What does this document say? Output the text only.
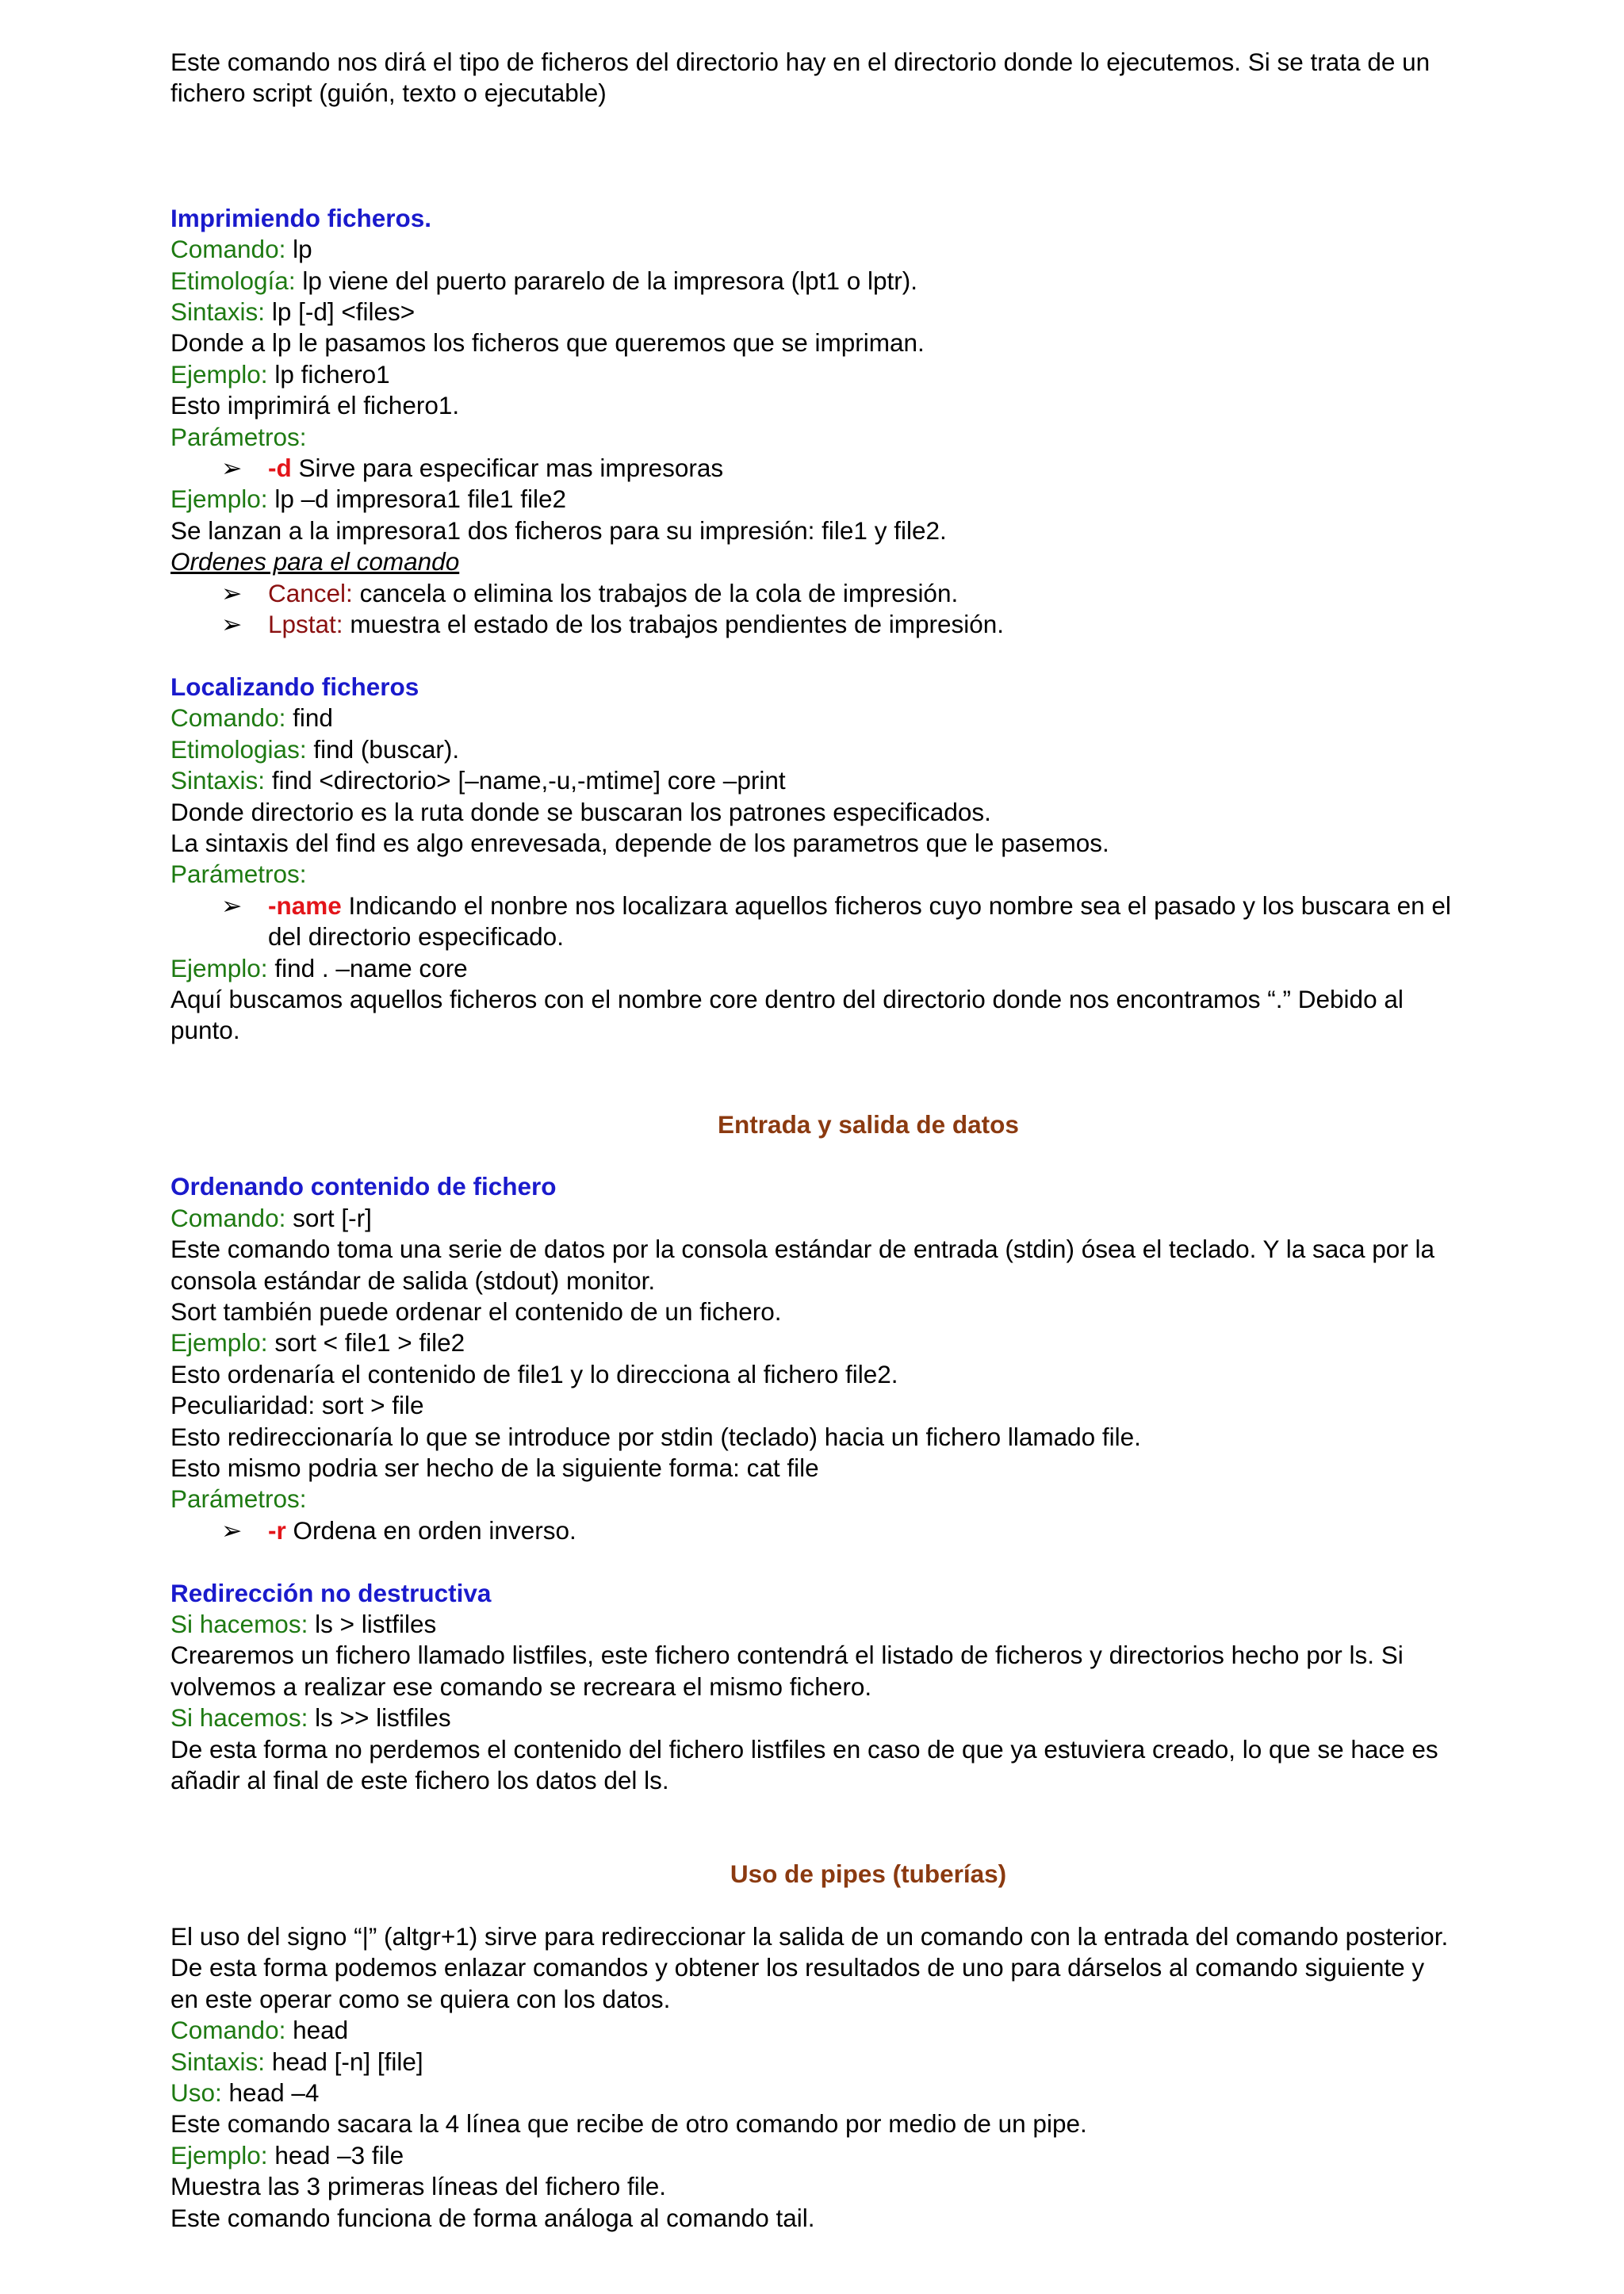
Este comando nos dirá el tipo de ficheros del directorio hay en el directorio donde lo ejecutemos. Si se trata de un
fichero script (guión, texto o ejecutable)
Imprimiendo ficheros.
Comando: lp
Etimología: lp viene del puerto pararelo de la impresora (lpt1 o lptr).
Sintaxis: lp [-d] <files>
Donde a lp le pasamos los ficheros que queremos que se impriman.
Ejemplo: lp fichero1
Esto imprimirá el fichero1.
Parámetros:
➢ -d Sirve para especificar mas impresoras
Ejemplo: lp –d impresora1 file1 file2
Se lanzan a la impresora1 dos ficheros para su impresión: file1 y file2.
Ordenes para el comando
➢ Cancel: cancela o elimina los trabajos de la cola de impresión.
➢ Lpstat: muestra el estado de los trabajos pendientes de impresión.
Localizando ficheros
Comando: find
Etimologias: find (buscar).
Sintaxis: find <directorio> [–name,-u,-mtime] core –print
Donde directorio es la ruta donde se buscaran los patrones especificados.
La sintaxis del find es algo enrevesada, depende de los parametros que le pasemos.
Parámetros:
➢ -name Indicando el nonbre nos localizara aquellos ficheros cuyo nombre sea el pasado y los buscara en el
del directorio especificado.
Ejemplo: find . –name core
Aquí buscamos aquellos ficheros con el nombre core dentro del directorio donde nos encontramos “.” Debido al
punto.
Entrada y salida de datos
Ordenando contenido de fichero
Comando: sort [-r]
Este comando toma una serie de datos por la consola estándar de entrada (stdin) ósea el teclado. Y la saca por la
consola estándar de salida (stdout) monitor.
Sort también puede ordenar el contenido de un fichero.
Ejemplo: sort < file1 > file2
Esto ordenaría el contenido de file1 y lo direcciona al fichero file2.
Peculiaridad: sort > file
Esto redireccionaría lo que se introduce por stdin (teclado) hacia un fichero llamado file.
Esto mismo podria ser hecho de la siguiente forma: cat file
Parámetros:
➢ -r Ordena en orden inverso.
Redirección no destructiva
Si hacemos: ls > listfiles
Crearemos un fichero llamado listfiles, este fichero contendrá el listado de ficheros y directorios hecho por ls. Si
volvemos a realizar ese comando se recreara el mismo fichero.
Si hacemos: ls >> listfiles
De esta forma no perdemos el contenido del fichero listfiles en caso de que ya estuviera creado, lo que se hace es
añadir al final de este fichero los datos del ls.
Uso de pipes (tuberías)
El uso del signo “|” (altgr+1) sirve para redireccionar la salida de un comando con la entrada del comando posterior.
De esta forma podemos enlazar comandos y obtener los resultados de uno para dárselos al comando siguiente y
en este operar como se quiera con los datos.
Comando: head
Sintaxis: head [-n] [file]
Uso: head –4
Este comando sacara la 4 línea que recibe de otro comando por medio de un pipe.
Ejemplo: head –3 file
Muestra las 3 primeras líneas del fichero file.
Este comando funciona de forma análoga al comando tail.
